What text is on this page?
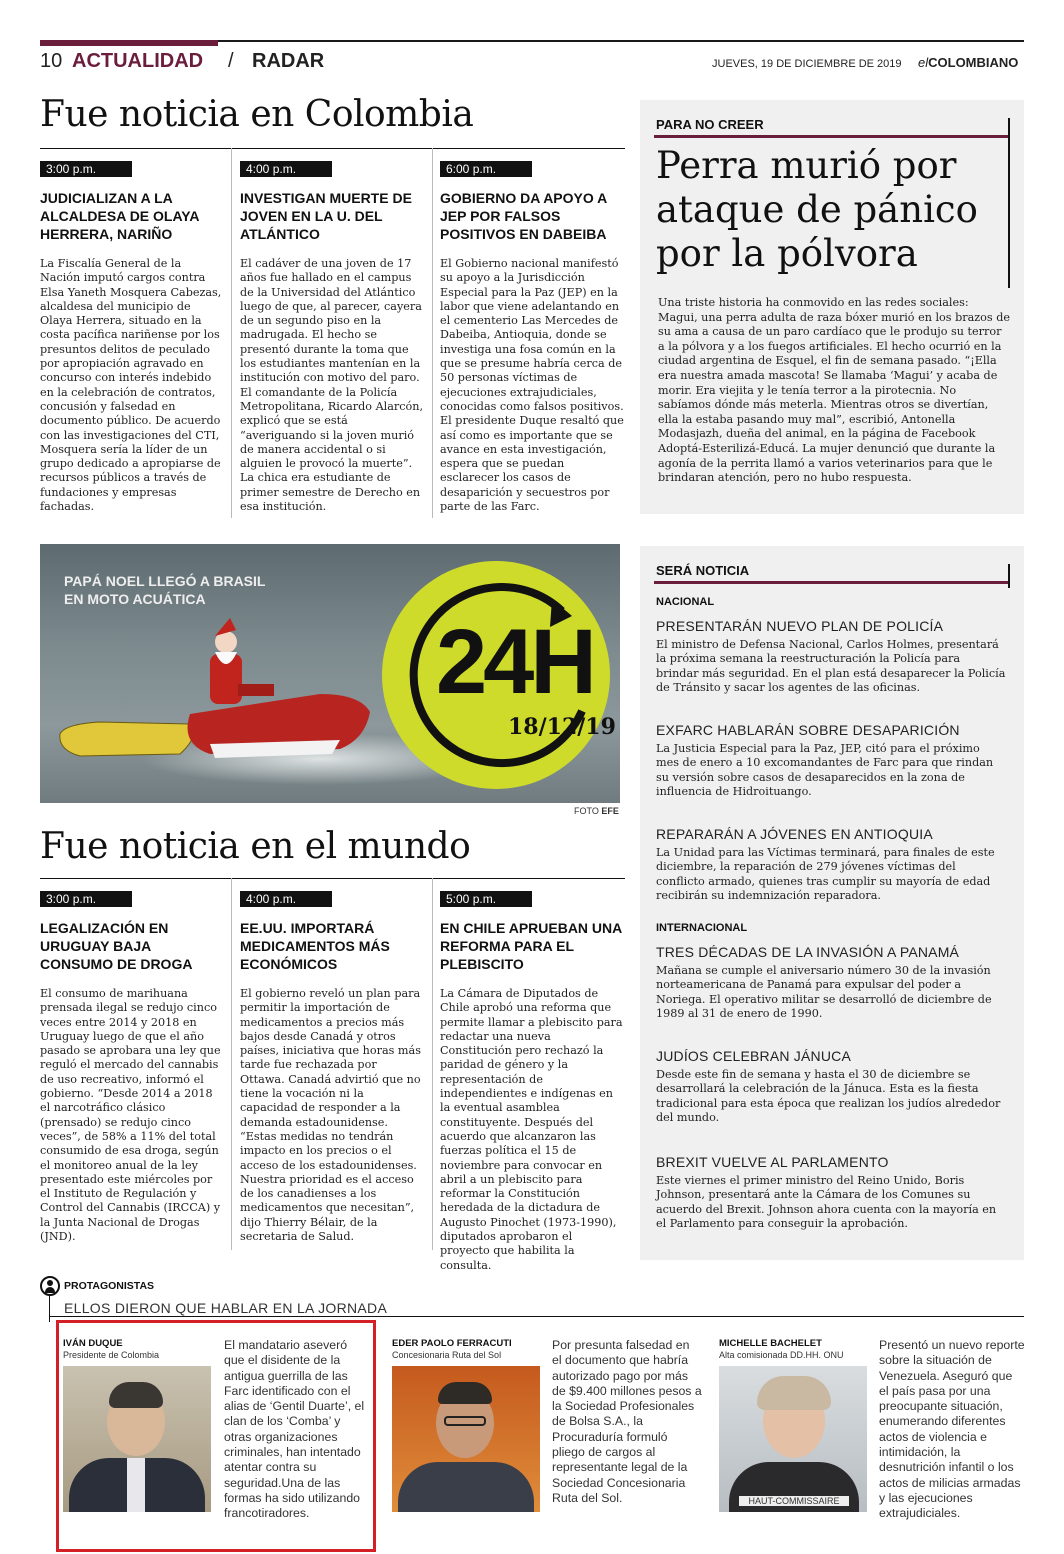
10 ACTUALIDAD / RADAR	JUEVES, 19 DE DICIEMBRE DE 2019 elCOLOMBIANO
Fue noticia en Colombia
3:00 p.m.
JUDICIALIZAN A LA ALCALDESA DE OLAYA HERRERA, NARIÑO
La Fiscalía General de la Nación imputó cargos contra Elsa Yaneth Mosquera Cabezas, alcaldesa del municipio de Olaya Herrera, situado en la costa pacífica nariñense por los presuntos delitos de peculado por apropiación agravado en concurso con interés indebido en la celebración de contratos, concusión y falsedad en documento público. De acuerdo con las investigaciones del CTI, Mosquera sería la líder de un grupo dedicado a apropiarse de recursos públicos a través de fundaciones y empresas fachadas.
4:00 p.m.
INVESTIGAN MUERTE DE JOVEN EN LA U. DEL ATLÁNTICO
El cadáver de una joven de 17 años fue hallado en el campus de la Universidad del Atlántico luego de que, al parecer, cayera de un segundo piso en la madrugada. El hecho se presentó durante la toma que los estudiantes mantenían en la institución con motivo del paro. El comandante de la Policía Metropolitana, Ricardo Alarcón, explicó que se está “averiguando si la joven murió de manera accidental o si alguien le provocó la muerte”. La chica era estudiante de primer semestre de Derecho en esa institución.
6:00 p.m.
GOBIERNO DA APOYO A JEP POR FALSOS POSITIVOS EN DABEIBA
El Gobierno nacional manifestó su apoyo a la Jurisdicción Especial para la Paz (JEP) en la labor que viene adelantando en el cementerio Las Mercedes de Dabeiba, Antioquia, donde se investiga una fosa común en la que se presume habría cerca de 50 personas víctimas de ejecuciones extrajudiciales, conocidas como falsos positivos. El presidente Duque resaltó que así como es importante que se avance en esta investigación, espera que se puedan esclarecer los casos de desaparición y secuestros por parte de las Farc.
PARA NO CREER
Perra murió por ataque de pánico por la pólvora
Una triste historia ha conmovido en las redes sociales: Magui, una perra adulta de raza bóxer murió en los brazos de su ama a causa de un paro cardíaco que le produjo su terror a la pólvora y a los fuegos artificiales. El hecho ocurrió en la ciudad argentina de Esquel, el fin de semana pasado. “¡Ella era nuestra amada mascota! Se llamaba ‘Magui’ y acaba de morir. Era viejita y le tenía terror a la pirotecnia. No sabíamos dónde más meterla. Mientras otros se divertían, ella la estaba pasando muy mal”, escribió, Antonella Modasjazh, dueña del animal, en la página de Facebook Adoptá-Esterilizá-Educá. La mujer denunció que durante la agonía de la perrita llamó a varios veterinarios para que le brindaran atención, pero no hubo respuesta.
PAPÁ NOEL LLEGÓ A BRASIL
EN MOTO ACUÁTICA
24H
18/12/19
FOTO EFE
SERÁ NOTICIA
NACIONAL
PRESENTARÁN NUEVO PLAN DE POLICÍA
El ministro de Defensa Nacional, Carlos Holmes, presentará la próxima semana la reestructuración la Policía para brindar más seguridad. En el plan está desaparecer la Policía de Tránsito y sacar los agentes de las oficinas.
EXFARC HABLARÁN SOBRE DESAPARICIÓN
La Justicia Especial para la Paz, JEP, citó para el próximo mes de enero a 10 excomandantes de Farc para que rindan su versión sobre casos de desaparecidos en la zona de influencia de Hidroituango.
REPARARÁN A JÓVENES EN ANTIOQUIA
La Unidad para las Víctimas terminará, para finales de este diciembre, la reparación de 279 jóvenes víctimas del conflicto armado, quienes tras cumplir su mayoría de edad recibirán su indemnización reparadora.
INTERNACIONAL
TRES DÉCADAS DE LA INVASIÓN A PANAMÁ
Mañana se cumple el aniversario número 30 de la invasión norteamericana de Panamá para expulsar del poder a Noriega. El operativo militar se desarrolló de diciembre de 1989 al 31 de enero de 1990.
JUDÍOS CELEBRAN JÁNUCA
Desde este fin de semana y hasta el 30 de diciembre se desarrollará la celebración de la Jánuca. Esta es la fiesta tradicional para esta época que realizan los judíos alrededor del mundo.
BREXIT VUELVE AL PARLAMENTO
Este viernes el primer ministro del Reino Unido, Boris Johnson, presentará ante la Cámara de los Comunes su acuerdo del Brexit. Johnson ahora cuenta con la mayoría en el Parlamento para conseguir la aprobación.
Fue noticia en el mundo
3:00 p.m.
LEGALIZACIÓN EN URUGUAY BAJA CONSUMO DE DROGA
El consumo de marihuana prensada ilegal se redujo cinco veces entre 2014 y 2018 en Uruguay luego de que el año pasado se aprobara una ley que reguló el mercado del cannabis de uso recreativo, informó el gobierno. “Desde 2014 a 2018 el narcotráfico clásico (prensado) se redujo cinco veces”, de 58% a 11% del total consumido de esa droga, según el monitoreo anual de la ley presentado este miércoles por el Instituto de Regulación y Control del Cannabis (IRCCA) y la Junta Nacional de Drogas (JND).
4:00 p.m.
EE.UU. IMPORTARÁ MEDICAMENTOS MÁS ECONÓMICOS
El gobierno reveló un plan para permitir la importación de medicamentos a precios más bajos desde Canadá y otros países, iniciativa que horas más tarde fue rechazada por Ottawa. Canadá advirtió que no tiene la vocación ni la capacidad de responder a la demanda estadounidense. “Estas medidas no tendrán impacto en los precios o el acceso de los estadounidenses. Nuestra prioridad es el acceso de los canadienses a los medicamentos que necesitan”, dijo Thierry Bélair, de la secretaria de Salud.
5:00 p.m.
EN CHILE APRUEBAN UNA REFORMA PARA EL PLEBISCITO
La Cámara de Diputados de Chile aprobó una reforma que permite llamar a plebiscito para redactar una nueva Constitución pero rechazó la paridad de género y la representación de independientes e indígenas en la eventual asamblea constituyente. Después del acuerdo que alcanzaron las fuerzas política el 15 de noviembre para convocar en abril a un plebiscito para reformar la Constitución heredada de la dictadura de Augusto Pinochet (1973-1990), diputados aprobaron el proyecto que habilita la consulta.
PROTAGONISTAS
ELLOS DIERON QUE HABLAR EN LA JORNADA
IVÁN DUQUE
Presidente de Colombia
El mandatario aseveró que el disidente de la antigua guerrilla de las Farc identificado con el alias de ‘Gentil Duarte’, el clan de los ‘Comba’ y otras organizaciones criminales, han intentado atentar contra su seguridad.Una de las formas ha sido utilizando francotiradores.
EDER PAOLO FERRACUTI
Concesionaria Ruta del Sol
Por presunta falsedad en el documento que habría autorizado pago por más de $9.400 millones pesos a la Sociedad Profesionales de Bolsa S.A., la Procuraduría formuló pliego de cargos al representante legal de la Sociedad Concesionaria Ruta del Sol.
MICHELLE BACHELET
Alta comisionada DD.HH. ONU
HAUT-COMMISSAIRE
Presentó un nuevo reporte sobre la situación de Venezuela. Aseguró que el país pasa por una preocupante situación, enumerando diferentes actos de violencia e intimidación, la desnutrición infantil o los actos de milicias armadas y las ejecuciones extrajudiciales.
